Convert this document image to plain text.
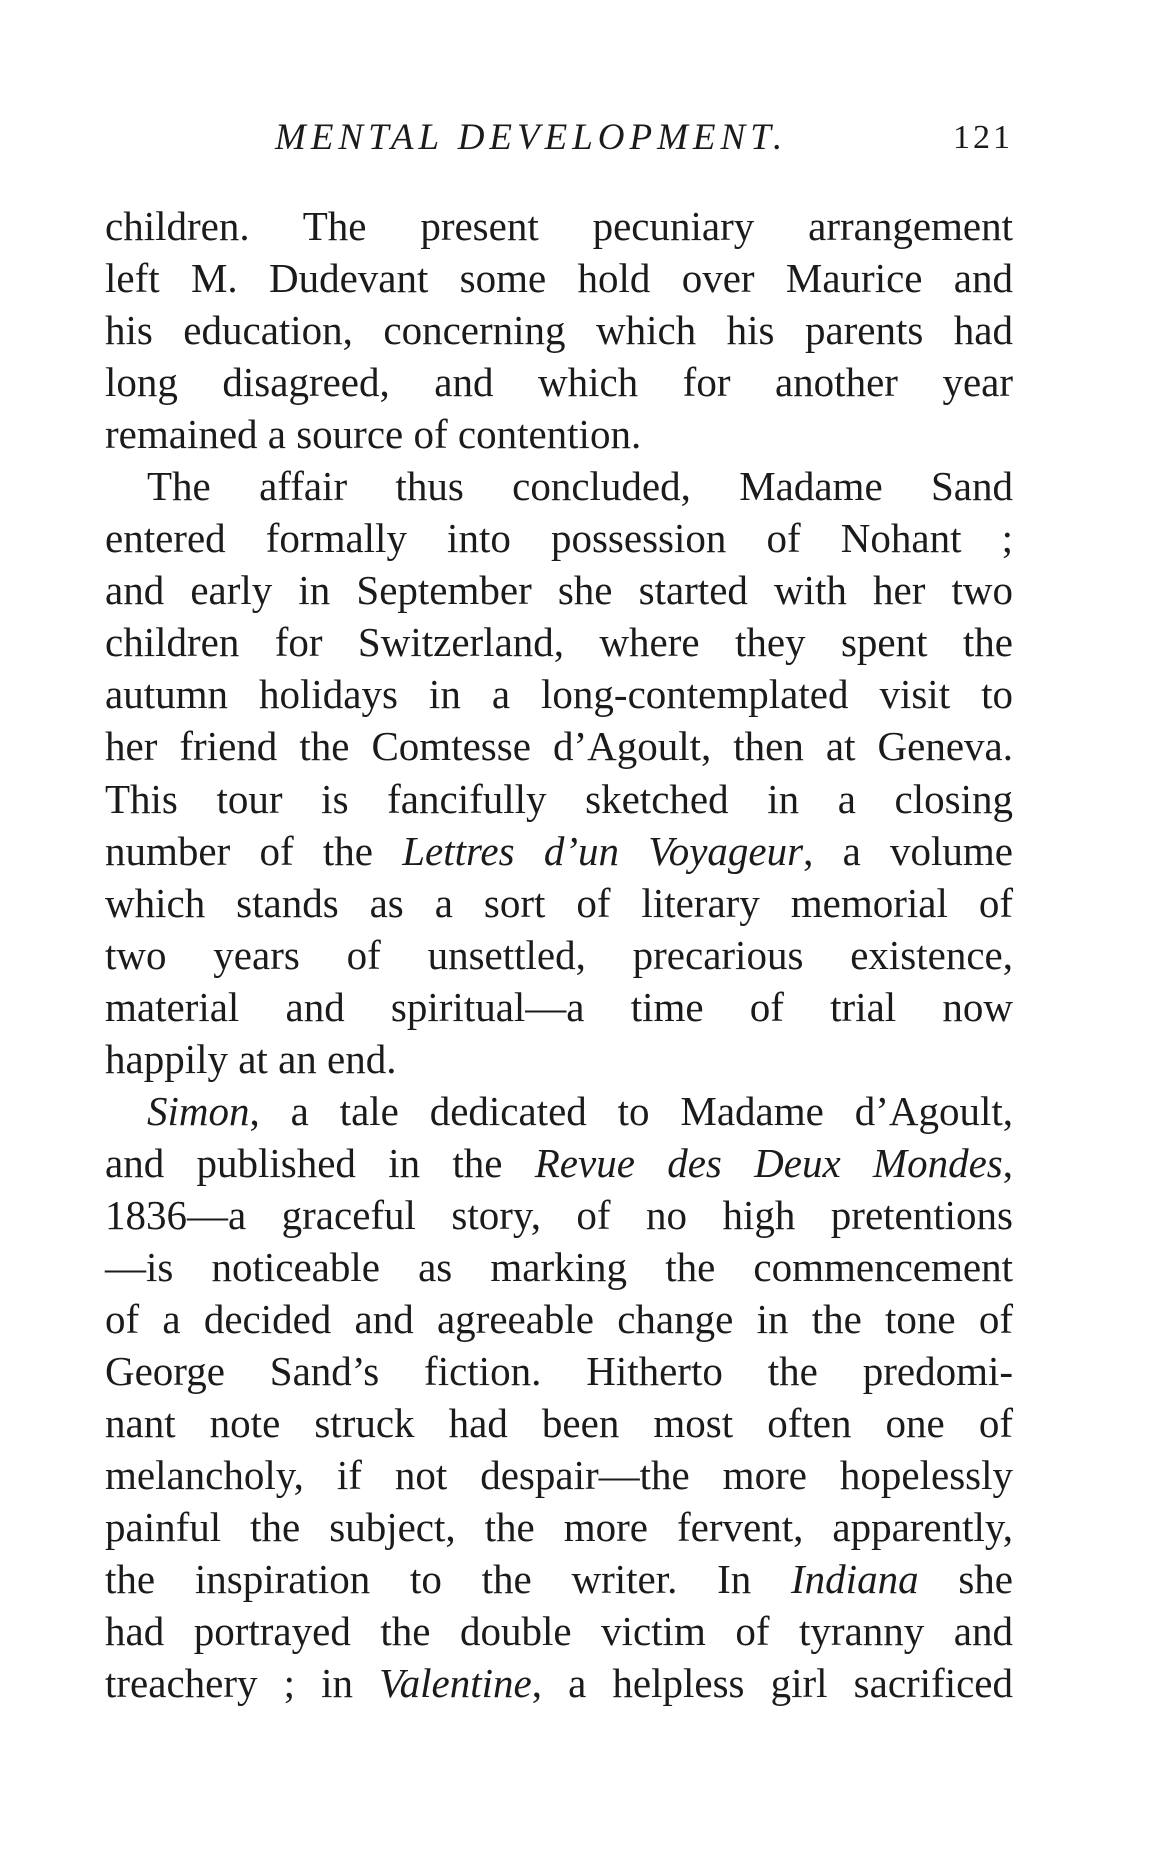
MENTAL DEVELOPMENT.	121
children. The present pecuniary arrangement
left M. Dudevant some hold over Maurice and
his education, concerning which his parents had
long disagreed, and which for another year
remained a source of contention.
The affair thus concluded, Madame Sand
entered formally into possession of Nohant ;
and early in September she started with her two
children for Switzerland, where they spent the
autumn holidays in a long-contemplated visit to
her friend the Comtesse d’Agoult, then at Geneva.
This tour is fancifully sketched in a closing
number of the Lettres d’un Voyageur, a volume
which stands as a sort of literary memorial of
two years of unsettled, precarious existence,
material and spiritual—a time of trial now
happily at an end.
Simon, a tale dedicated to Madame d’Agoult,
and published in the Revue des Deux Mondes,
1836—a graceful story, of no high pretentions
—is noticeable as marking the commencement
of a decided and agreeable change in the tone of
George Sand’s fiction. Hitherto the predomi-
nant note struck had been most often one of
melancholy, if not despair—the more hopelessly
painful the subject, the more fervent, apparently,
the inspiration to the writer. In Indiana she
had portrayed the double victim of tyranny and
treachery ; in Valentine, a helpless girl sacrificed
